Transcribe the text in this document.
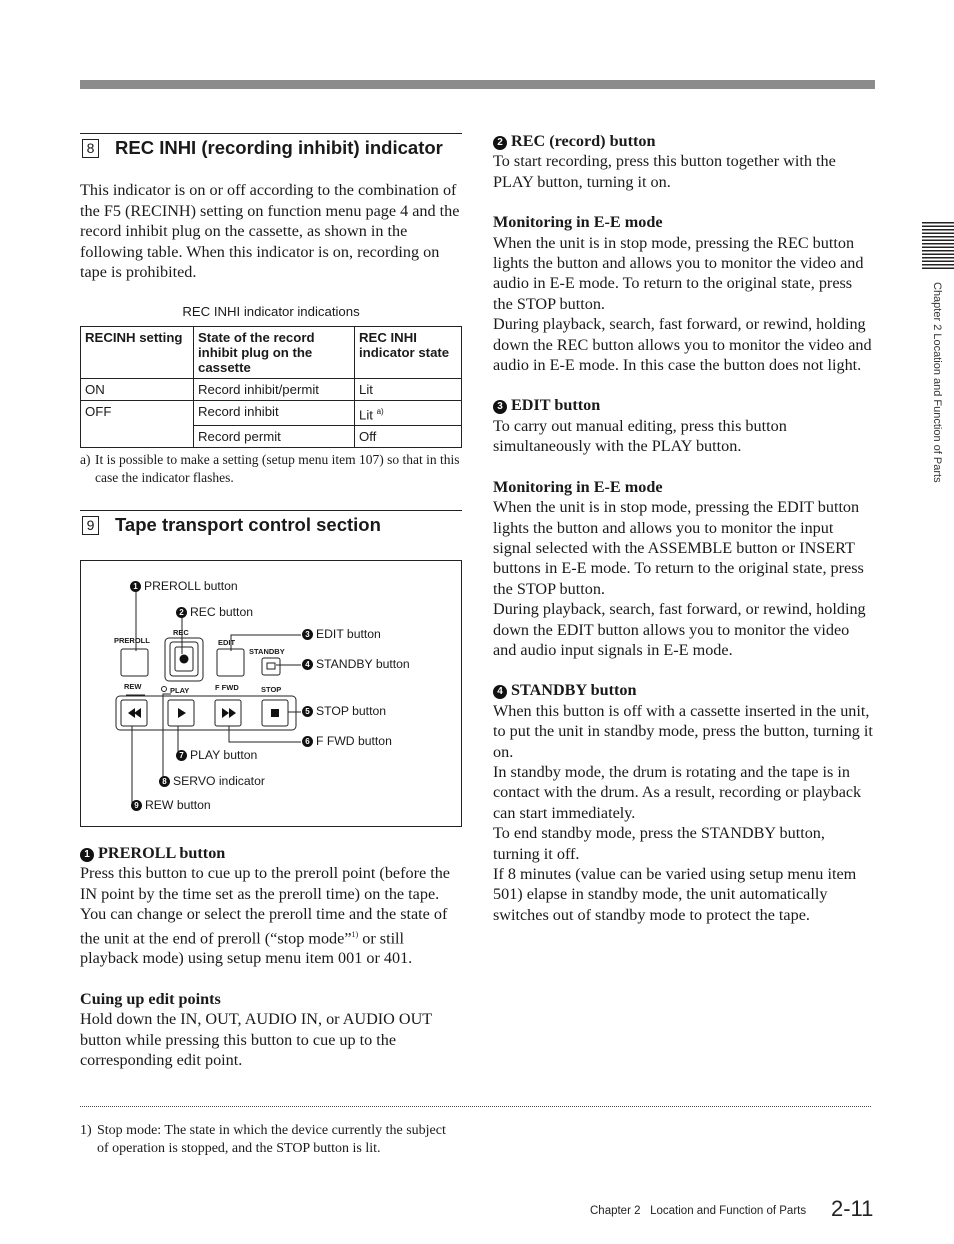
8 REC INHI (recording inhibit) indicator

This indicator is on or off according to the combination of the F5 (RECINH) setting on function menu page 4 and the record inhibit plug on the cassette, as shown in the following table. When this indicator is on, recording on tape is prohibited.

REC INHI indicator indications
RECINH setting	State of the record inhibit plug on the cassette	REC INHI indicator state
ON	Record inhibit/permit	Lit
OFF	Record inhibit	Lit $^{a)}$
	Record permit	Off
a) It is possible to make a setting (setup menu item 107) so that in this case the indicator flashes.
9 Tape transport control section
PREROLL
REC
EDIT
STANDBY
REW	PLAY	F FWD	STOP
1 PREROLL button
2 REC button
3 EDIT button
4 STANDBY button
5 STOP button
6 F FWD button
7 PLAY button
8 SERVO indicator
9 REW button

1 PREROLL button

Press this button to cue up to the preroll point (before the IN point by the time set as the preroll time) on the tape. You can change or select the preroll time and the state of the unit at the end of preroll (“stop mode”$^{1)}$ or still playback mode) using setup menu item 001 or 401.

Cuing up edit points

Hold down the IN, OUT, AUDIO IN, or AUDIO OUT button while pressing this button to cue up to the corresponding edit point.

2 REC (record) button

To start recording, press this button together with the PLAY button, turning it on.

Monitoring in E-E mode

When the unit is in stop mode, pressing the REC button lights the button and allows you to monitor the video and audio in E-E mode. To return to the original state, press the STOP button.

During playback, search, fast forward, or rewind, holding down the REC button allows you to monitor the video and audio in E-E mode. In this case the button does not light.

3 EDIT button

To carry out manual editing, press this button simultaneously with the PLAY button.

Monitoring in E-E mode

When the unit is in stop mode, pressing the EDIT button lights the button and allows you to monitor the input signal selected with the ASSEMBLE button or INSERT buttons in E-E mode. To return to the original state, press the STOP button.

During playback, search, fast forward, or rewind, holding down the EDIT button allows you to monitor the video and audio input signals in E-E mode.

4 STANDBY button

When this button is off with a cassette inserted in the unit, to put the unit in standby mode, press the button, turning it on.

In standby mode, the drum is rotating and the tape is in contact with the drum. As a result, recording or playback can start immediately.

To end standby mode, press the STANDBY button, turning it off.

If 8 minutes (value can be varied using setup menu item 501) elapse in standby mode, the unit automatically switches out of standby mode to protect the tape.

1) Stop mode: The state in which the device currently the subject of operation is stopped, and the STOP button is lit.
Chapter 2 Location and Function of Parts
Chapter 2 Location and Function of Parts 2-11
